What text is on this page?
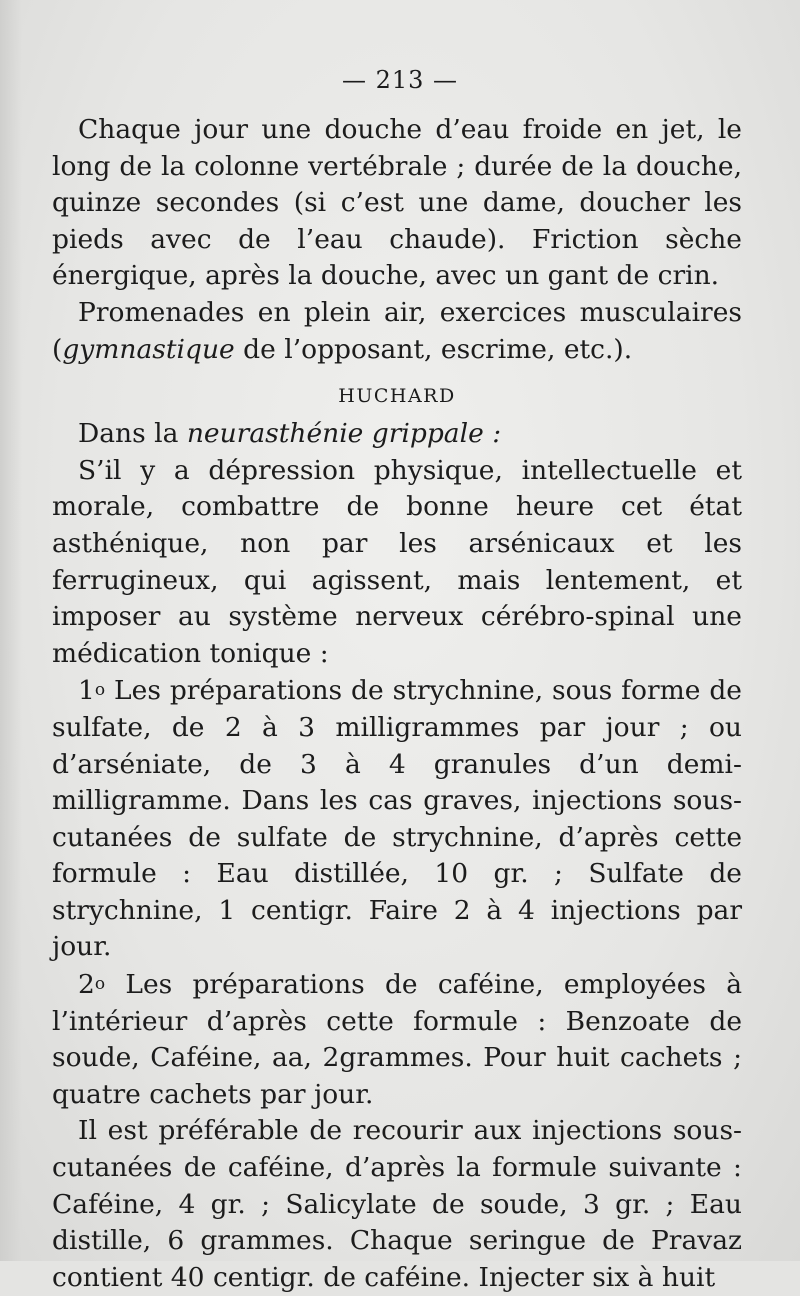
— 213 —

Chaque jour une douche d’eau froide en jet, le long de la colonne vertébrale ; durée de la douche, quinze secondes (si c’est une dame, doucher les pieds avec de l’eau chaude). Friction sèche énergique, après la douche, avec un gant de crin.

Promenades en plein air, exercices musculaires (gymnastique de l’opposant, escrime, etc.).

HUCHARD

Dans la neurasthénie grippale :

S’il y a dépression physique, intellectuelle et morale, combattre de bonne heure cet état asthénique, non par les arsénicaux et les ferrugineux, qui agissent, mais lentement, et imposer au système nerveux cérébro-spinal une médication tonique :

1$^o$ Les préparations de strychnine, sous forme de sulfate, de 2 à 3 milligrammes par jour ; ou d’arséniate, de 3 à 4 granules d’un demi-milligramme. Dans les cas graves, injections sous-cutanées de sulfate de strychnine, d’après cette formule : Eau distillée, 10 gr. ; Sulfate de strychnine, 1 centigr. Faire 2 à 4 injections par jour.

2$^o$ Les préparations de caféine, employées à l’intérieur d’après cette formule : Benzoate de soude, Caféine, aa, 2grammes. Pour huit cachets ; quatre cachets par jour.

Il est préférable de recourir aux injections sous-cutanées de caféine, d’après la formule suivante : Caféine, 4 gr. ; Salicylate de soude, 3 gr. ; Eau distille, 6 grammes. Chaque seringue de Pravaz contient 40 centigr. de caféine. Injecter six à huit
